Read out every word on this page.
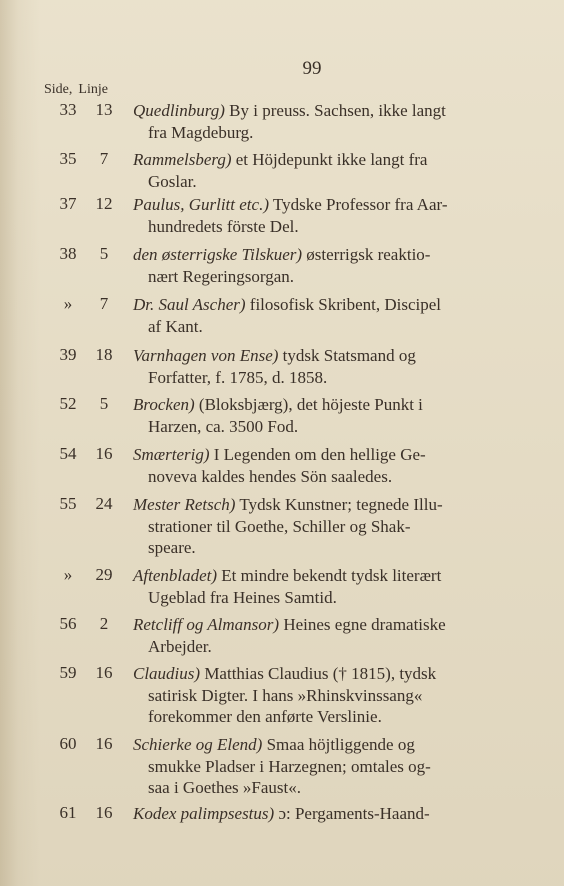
99
Side, Linje
33	13	Quedlinburg) By i preuss. Sachsen, ikke langt
fra Magdeburg.
35	7	Rammelsberg) et Höjdepunkt ikke langt fra
Goslar.
37	12	Paulus, Gurlitt etc.) Tydske Professor fra Aar-
hundredets förste Del.
38	5	den østerrigske Tilskuer) østerrigsk reaktio-
nært Regeringsorgan.
»	7	Dr. Saul Ascher) filosofisk Skribent, Discipel
af Kant.
39	18	Varnhagen von Ense) tydsk Statsmand og
Forfatter, f. 1785, d. 1858.
52	5	Brocken) (Bloksbjærg), det höjeste Punkt i
Harzen, ca. 3500 Fod.
54	16	Smærterig) I Legenden om den hellige Ge-
noveva kaldes hendes Sön saaledes.
55	24	Mester Retsch) Tydsk Kunstner; tegnede Illu-
strationer til Goethe, Schiller og Shak-
speare.
»	29	Aftenbladet) Et mindre bekendt tydsk literært
Ugeblad fra Heines Samtid.
56	2	Retcliff og Almansor) Heines egne dramatiske
Arbejder.
59	16	Claudius) Matthias Claudius († 1815), tydsk
satirisk Digter. I hans »Rhinskvinssang«
forekommer den anførte Verslinie.
60	16	Schierke og Elend) Smaa höjtliggende og
smukke Pladser i Harzegnen; omtales og-
saa i Goethes »Faust«.
61	16	Kodex palimpsestus) ɔ: Pergaments-Haand-
